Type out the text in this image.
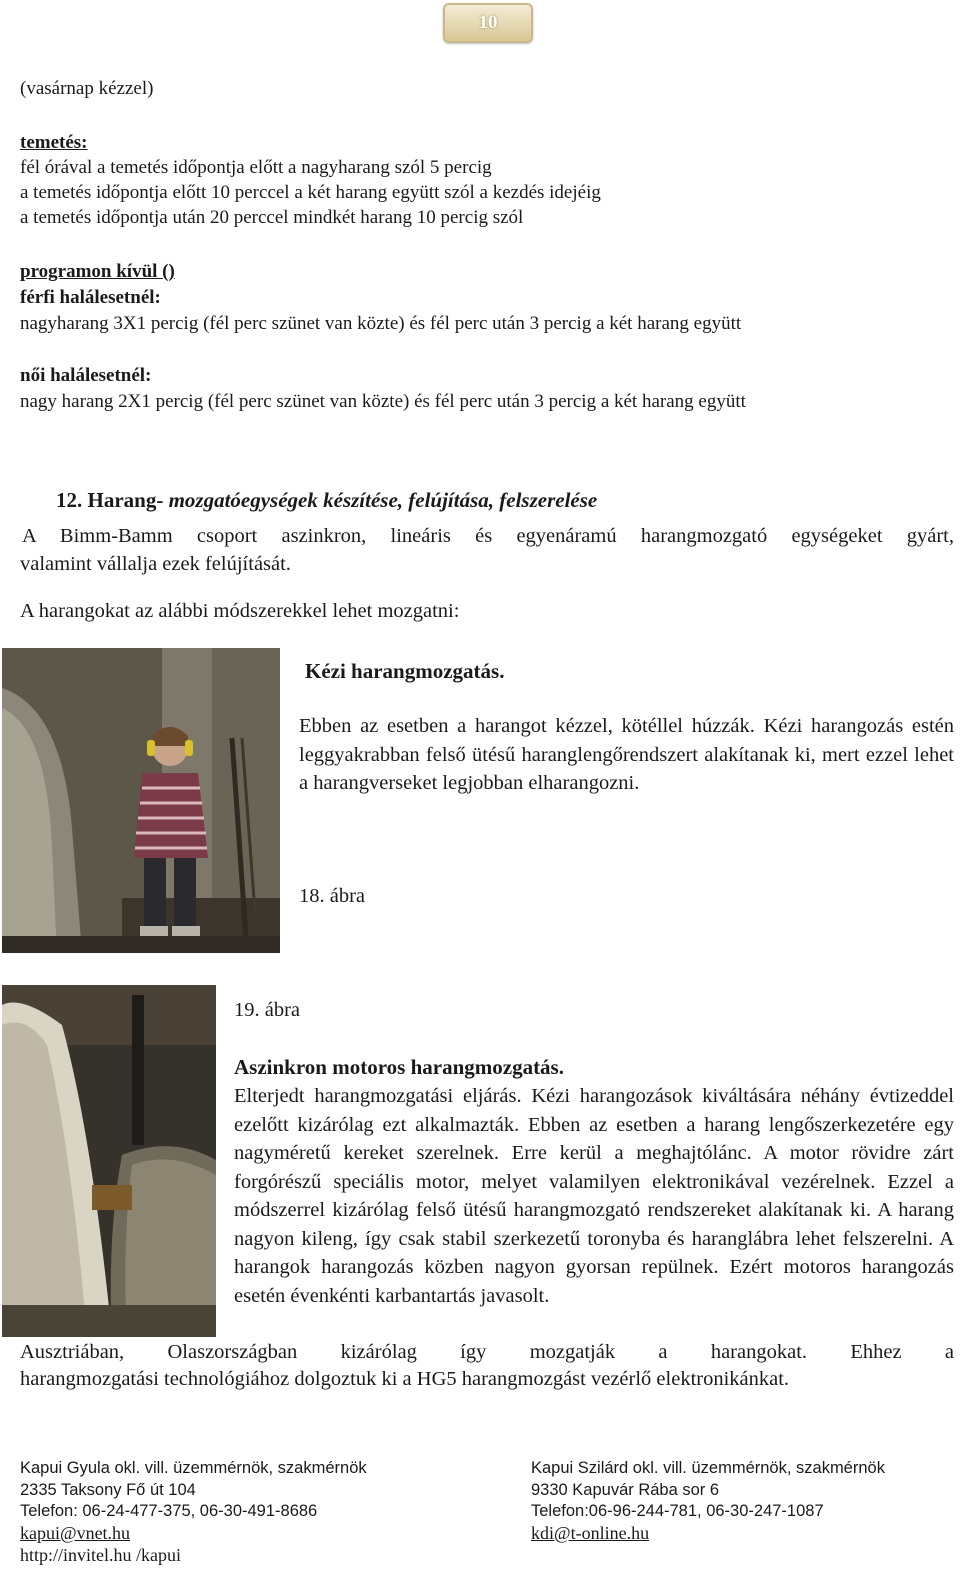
10
(vasárnap kézzel)
temetés:
fél órával a temetés időpontja előtt a nagyharang szól 5 percig
a temetés időpontja előtt 10 perccel a két harang együtt szól a kezdés idejéig
a temetés időpontja után 20 perccel mindkét harang 10 percig szól
programon kívül ()
férfi halálesetnél:
nagyharang 3X1 percig (fél perc szünet van közte) és fél perc után 3 percig a két harang együtt
női halálesetnél:
nagy harang 2X1 percig (fél perc szünet van közte) és fél perc után 3 percig a két harang együtt
12. Harang- mozgatóegységek készítése, felújítása, felszerelése
A Bimm-Bamm csoport aszinkron, lineáris és egyenáramú harangmozgató egységeket gyárt,
valamint vállalja ezek felújítását.
A harangokat az alábbi módszerekkel lehet mozgatni:
Kézi harangmozgatás.
Ebben az esetben a harangot kézzel, kötéllel húzzák. Kézi harangozás estén leggyakrabban felső ütésű haranglengőrendszert alakítanak ki, mert ezzel lehet a harangverseket legjobban elharangozni.
18. ábra
19. ábra
Aszinkron motoros harangmozgatás.
Elterjedt harangmozgatási eljárás. Kézi harangozások kiváltására néhány évtizeddel ezelőtt kizárólag ezt alkalmazták. Ebben az esetben a harang lengőszerkezetére egy nagyméretű kereket szerelnek. Erre kerül a meghajtólánc. A motor rövidre zárt forgórészű speciális motor, melyet valamilyen elektronikával vezérelnek. Ezzel a módszerrel kizárólag felső ütésű harangmozgató rendszereket alakítanak ki. A harang nagyon kileng, így csak stabil szerkezetű toronyba és haranglábra lehet felszerelni. A harangok harangozás közben nagyon gyorsan repülnek. Ezért motoros harangozás esetén évenkénti karbantartás javasolt.
Ausztriában, Olaszországban kizárólag így mozgatják a harangokat. Ehhez a
harangmozgatási technológiához dolgoztuk ki a HG5 harangmozgást vezérlő elektronikánkat.
Kapui Gyula okl. vill. üzemmérnök, szakmérnök
2335 Taksony Fő út 104
Telefon: 06-24-477-375, 06-30-491-8686
kapui@vnet.hu
http://invitel.hu /kapui
Kapui Szilárd okl. vill. üzemmérnök, szakmérnök
9330 Kapuvár Rába sor 6
Telefon:06-96-244-781, 06-30-247-1087
kdi@t-online.hu
